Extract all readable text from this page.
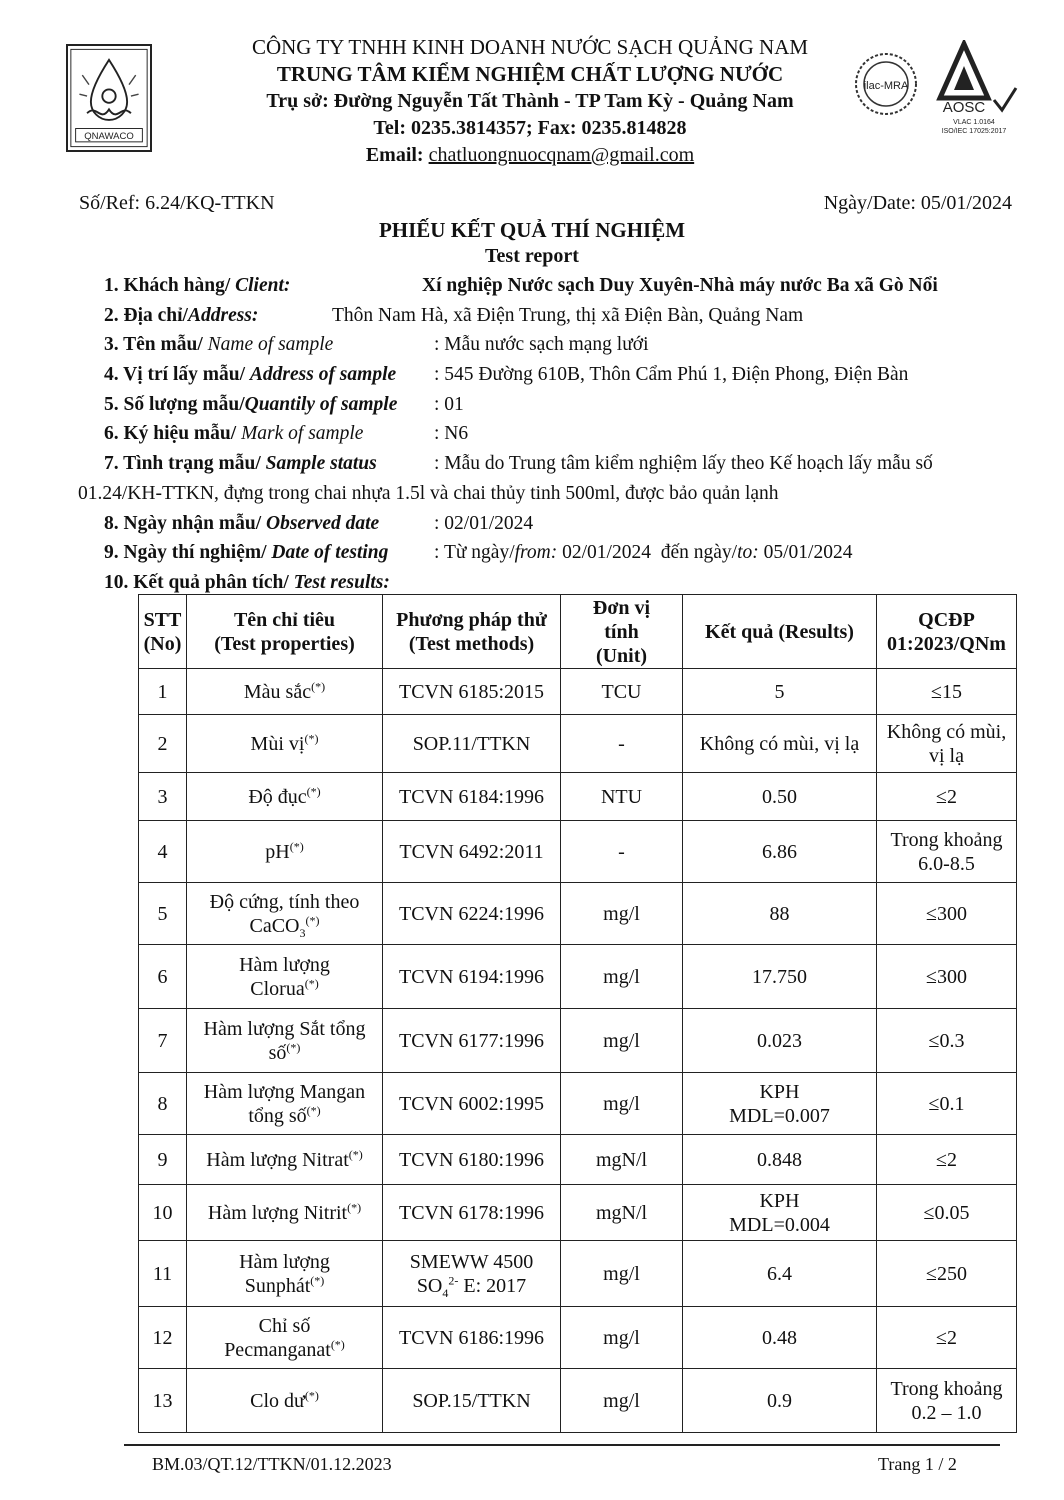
QNAWACO
ilac-MRA
AOSC
VLAC 1.0164
ISO/IEC 17025:2017
CÔNG TY TNHH KINH DOANH NƯỚC SẠCH QUẢNG NAM
TRUNG TÂM KIỂM NGHIỆM CHẤT LƯỢNG NƯỚC
Trụ sở: Đường Nguyễn Tất Thành - TP Tam Kỳ - Quảng Nam
Tel: 0235.3814357; Fax: 0235.814828
Email: chatluongnuocqnam@gmail.com
Số/Ref: 6.24/KQ-TTKN	Ngày/Date: 05/01/2024
PHIẾU KẾT QUẢ THÍ NGHIỆM
Test report
1. Khách hàng/ Client:	Xí nghiệp Nước sạch Duy Xuyên-Nhà máy nước Ba xã Gò Nổi
2. Địa chỉ/Address:	Thôn Nam Hà, xã Điện Trung, thị xã Điện Bàn, Quảng Nam
3. Tên mẫu/ Name of sample	: Mẫu nước sạch mạng lưới
4. Vị trí lấy mẫu/ Address of sample : 545 Đường 610B, Thôn Cẩm Phú 1, Điện Phong, Điện Bàn
5. Số lượng mẫu/Quantily of sample : 01
6. Ký hiệu mẫu/ Mark of sample	: N6
7. Tình trạng mẫu/ Sample status	: Mẫu do Trung tâm kiểm nghiệm lấy theo Kế hoạch lấy mẫu số
01.24/KH-TTKN, đựng trong chai nhựa 1.5l và chai thủy tinh 500ml, được bảo quản lạnh
8. Ngày nhận mẫu/ Observed date	: 02/01/2024
9. Ngày thí nghiệm/ Date of testing : Từ ngày/from: 02/01/2024 đến ngày/to: 05/01/2024
10. Kết quả phân tích/ Test results:
STT
(No)	Tên chỉ tiêu
(Test properties)	Phương pháp thử
(Test methods)	Đơn vị
tính
(Unit)	Kết quả (Results)	QCĐP
01:2023/QNm
1	Màu sắc(*)	TCVN 6185:2015	TCU	5	≤15
2	Mùi vị(*)	SOP.11/TTKN	-	Không có mùi, vị lạ	Không có mùi,
vị lạ
3	Độ đục(*)	TCVN 6184:1996	NTU	0.50	≤2
4	pH(*)	TCVN 6492:2011	-	6.86	Trong khoảng
6.0-8.5
5	Độ cứng, tính theo
CaCO$_3$(*)	TCVN 6224:1996	mg/l	88	≤300
6	Hàm lượng
Clorua(*)	TCVN 6194:1996	mg/l	17.750	≤300
7	Hàm lượng Sắt tổng
số(*)	TCVN 6177:1996	mg/l	0.023	≤0.3
8	Hàm lượng Mangan
tổng số(*)	TCVN 6002:1995	mg/l	KPH
MDL=0.007	≤0.1
9	Hàm lượng Nitrat(*)	TCVN 6180:1996	mgN/l	0.848	≤2
10	Hàm lượng Nitrit(*)	TCVN 6178:1996	mgN/l	KPH
MDL=0.004	≤0.05
11	Hàm lượng
Sunphát(*)	SMEWW 4500
$SO_4^{2-}$ E: 2017	mg/l	6.4	≤250
12	Chỉ số
Pecmanganat(*)	TCVN 6186:1996	mg/l	0.48	≤2
13	Clo dư(*)	SOP.15/TTKN	mg/l	0.9	Trong khoảng
0.2 – 1.0
BM.03/QT.12/TTKN/01.12.2023	Trang 1 / 2
